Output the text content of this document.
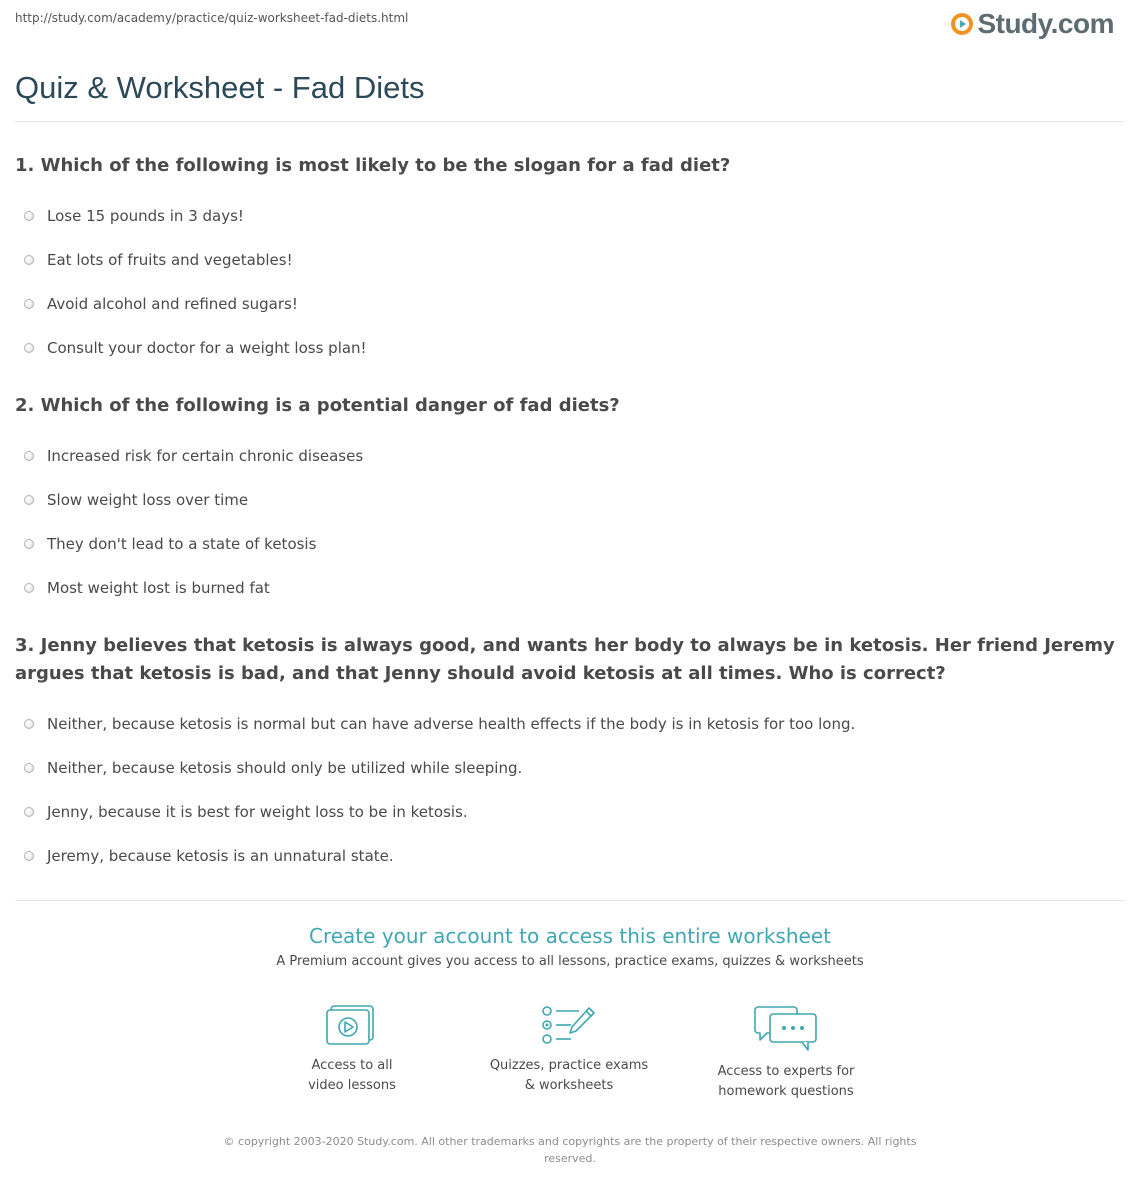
http://study.com/academy/practice/quiz-worksheet-fad-diets.html	Study.com
Quiz & Worksheet - Fad Diets

1. Which of the following is most likely to be the slogan for a fad diet?

Lose 15 pounds in 3 days!
Eat lots of fruits and vegetables!
Avoid alcohol and refined sugars!
Consult your doctor for a weight loss plan!

2. Which of the following is a potential danger of fad diets?

Increased risk for certain chronic diseases
Slow weight loss over time
They don't lead to a state of ketosis
Most weight lost is burned fat

3. Jenny believes that ketosis is always good, and wants her body to always be in ketosis. Her friend Jeremy argues that ketosis is bad, and that Jenny should avoid ketosis at all times. Who is correct?

Neither, because ketosis is normal but can have adverse health effects if the body is in ketosis for too long.
Neither, because ketosis should only be utilized while sleeping.
Jenny, because it is best for weight loss to be in ketosis.
Jeremy, because ketosis is an unnatural state.
Create your account to access this entire worksheet
A Premium account gives you access to all lessons, practice exams, quizzes & worksheets
Access to all
video lessons
Quizzes, practice exams
& worksheets
Access to experts for
homework questions
© copyright 2003-2020 Study.com. All other trademarks and copyrights are the property of their respective owners. All rights
reserved.
